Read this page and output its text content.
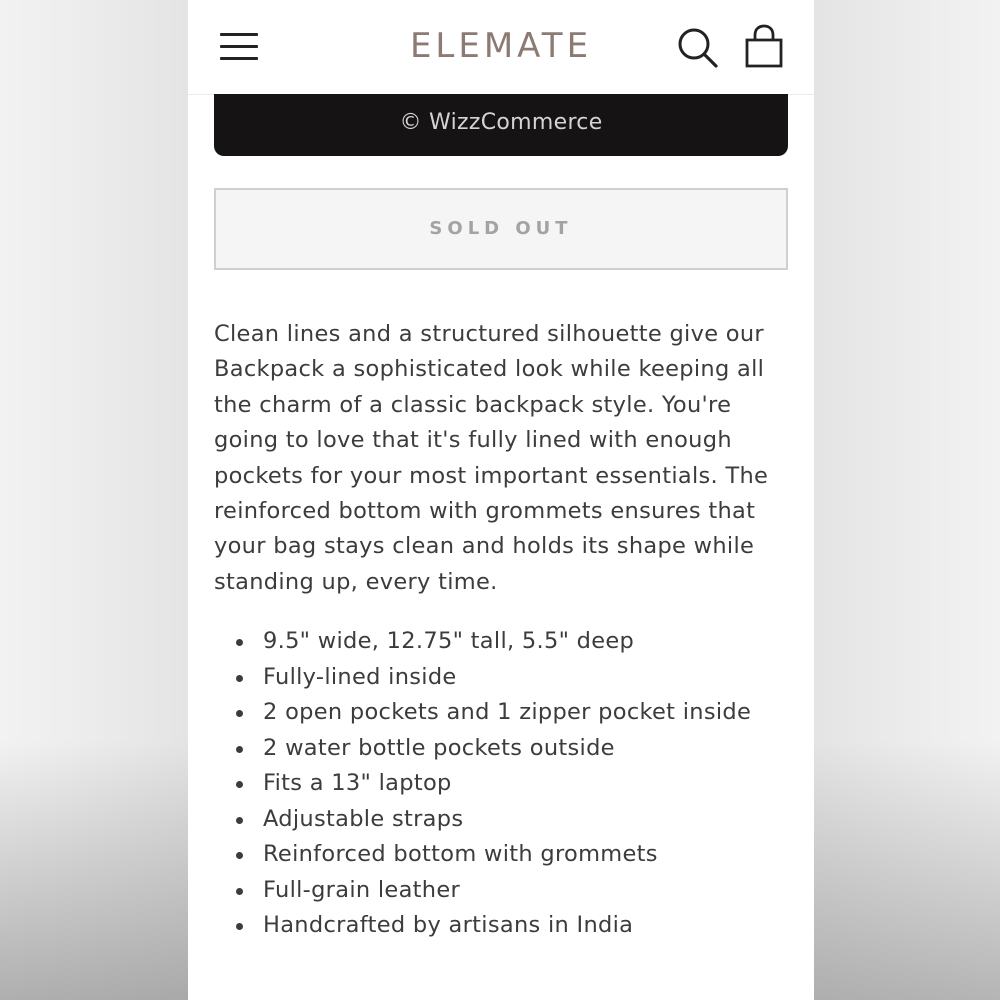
ELEMATE
© WizzCommerce
SOLD OUT

Clean lines and a structured silhouette give our Backpack a sophisticated look while keeping all the charm of a classic backpack style. You're going to love that it's fully lined with enough pockets for your most important essentials. The reinforced bottom with grommets ensures that your bag stays clean and holds its shape while standing up, every time.

9.5" wide, 12.75" tall, 5.5" deep
Fully-lined inside
2 open pockets and 1 zipper pocket inside
2 water bottle pockets outside
Fits a 13" laptop
Adjustable straps
Reinforced bottom with grommets
Full-grain leather
Handcrafted by artisans in India
